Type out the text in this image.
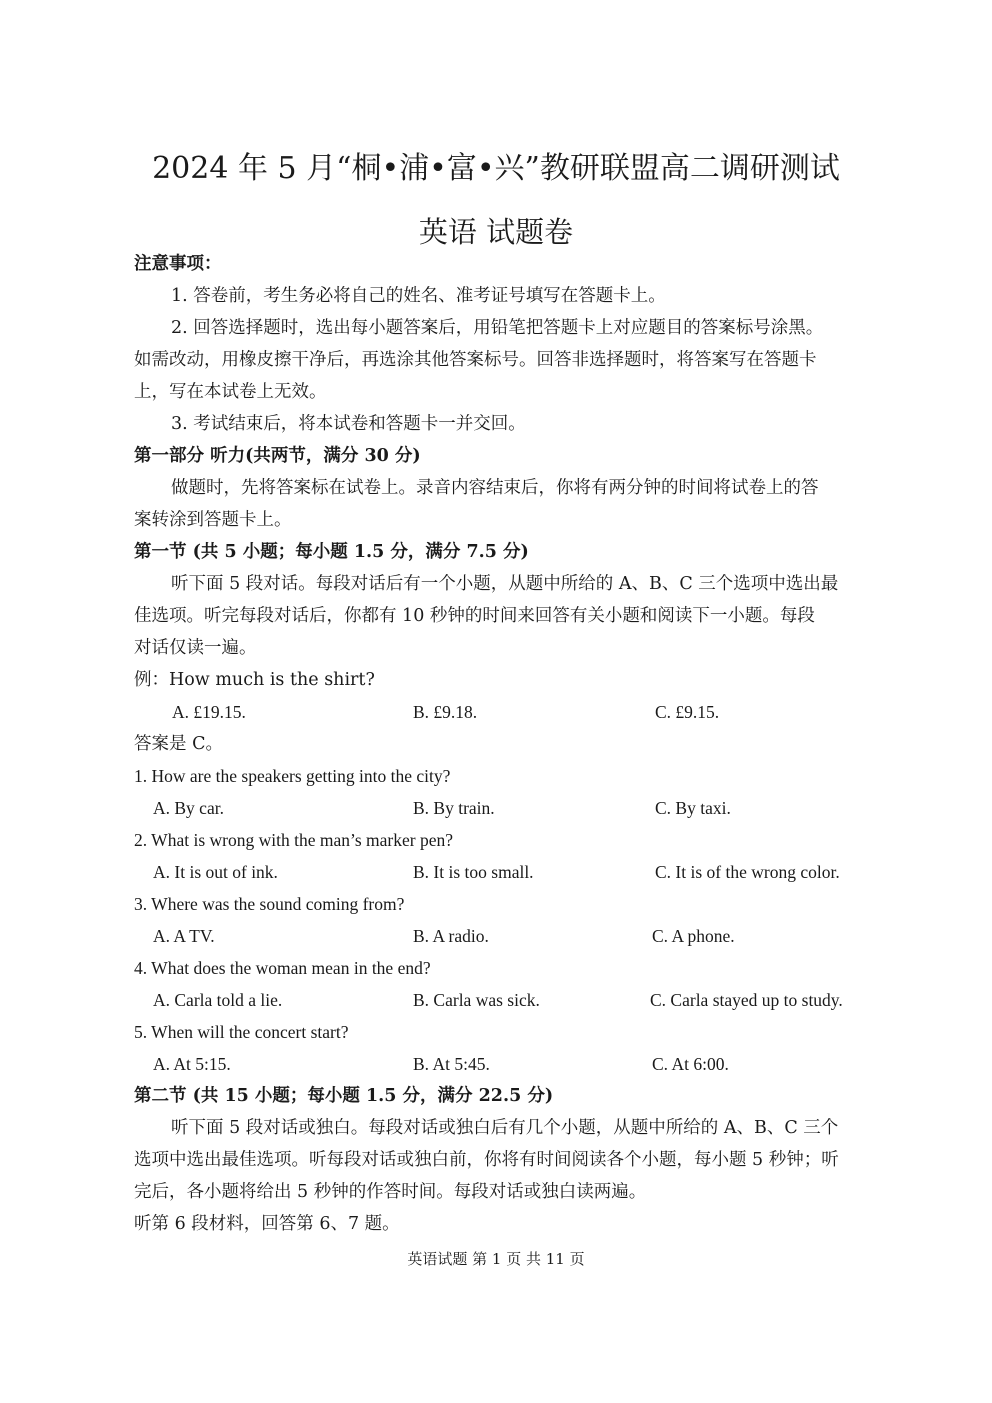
2024 年 5 月“桐•浦•富•兴”教研联盟高二调研测试
英语 试题卷
注意事项：
1. 答卷前，考生务必将自己的姓名、准考证号填写在答题卡上。
2. 回答选择题时，选出每小题答案后，用铅笔把答题卡上对应题目的答案标号涂黑。
如需改动，用橡皮擦干净后，再选涂其他答案标号。回答非选择题时，将答案写在答题卡
上，写在本试卷上无效。
3. 考试结束后，将本试卷和答题卡一并交回。
第一部分 听力(共两节，满分 30 分)
做题时，先将答案标在试卷上。录音内容结束后，你将有两分钟的时间将试卷上的答
案转涂到答题卡上。
第一节 (共 5 小题；每小题 1.5 分，满分 7.5 分)
听下面 5 段对话。每段对话后有一个小题，从题中所给的 A、B、C 三个选项中选出最
佳选项。听完每段对话后，你都有 10 秒钟的时间来回答有关小题和阅读下一小题。每段
对话仅读一遍。
例：How much is the shirt?
A. £19.15.	B. £9.18.	C. £9.15.
答案是 C。
1. How are the speakers getting into the city?
A. By car.	B. By train.	C. By taxi.
2. What is wrong with the man’s marker pen?
A. It is out of ink.	B. It is too small.	C. It is of the wrong color.
3. Where was the sound coming from?
A. A TV.	B. A radio.	C. A phone.
4. What does the woman mean in the end?
A. Carla told a lie.	B. Carla was sick.	C. Carla stayed up to study.
5. When will the concert start?
A. At 5:15.	B. At 5:45.	C. At 6:00.
第二节 (共 15 小题；每小题 1.5 分，满分 22.5 分)
听下面 5 段对话或独白。每段对话或独白后有几个小题，从题中所给的 A、B、C 三个
选项中选出最佳选项。听每段对话或独白前，你将有时间阅读各个小题，每小题 5 秒钟；听
完后，各小题将给出 5 秒钟的作答时间。每段对话或独白读两遍。
听第 6 段材料，回答第 6、7 题。
英语试题 第 1 页 共 11 页
